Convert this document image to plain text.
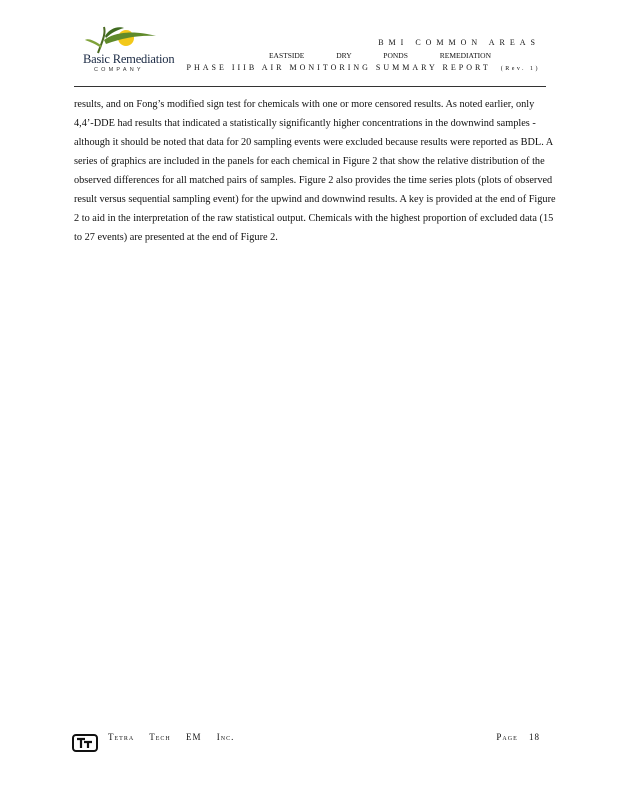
Basic Remediation
COMPANY
BMI COMMON AREAS
EASTSIDE DRY PONDS REMEDIATION
PHASE IIIB AIR MONITORING SUMMARY REPORT (Rev. 1)

results, and on Fong’s modified sign test for chemicals with one or more censored results. As noted earlier, only 4,4’-DDE had results that indicated a statistically significantly higher concentrations in the downwind samples - although it should be noted that data for 20 sampling events were excluded because results were reported as BDL. A series of graphics are included in the panels for each chemical in Figure 2 that show the relative distribution of the observed differences for all matched pairs of samples. Figure 2 also provides the time series plots (plots of observed result versus sequential sampling event) for the upwind and downwind results. A key is provided at the end of Figure 2 to aid in the interpretation of the raw statistical output. Chemicals with the highest proportion of excluded data (15 to 27 events) are presented at the end of Figure 2.

Tetra Tech EM Inc.	Page 18
